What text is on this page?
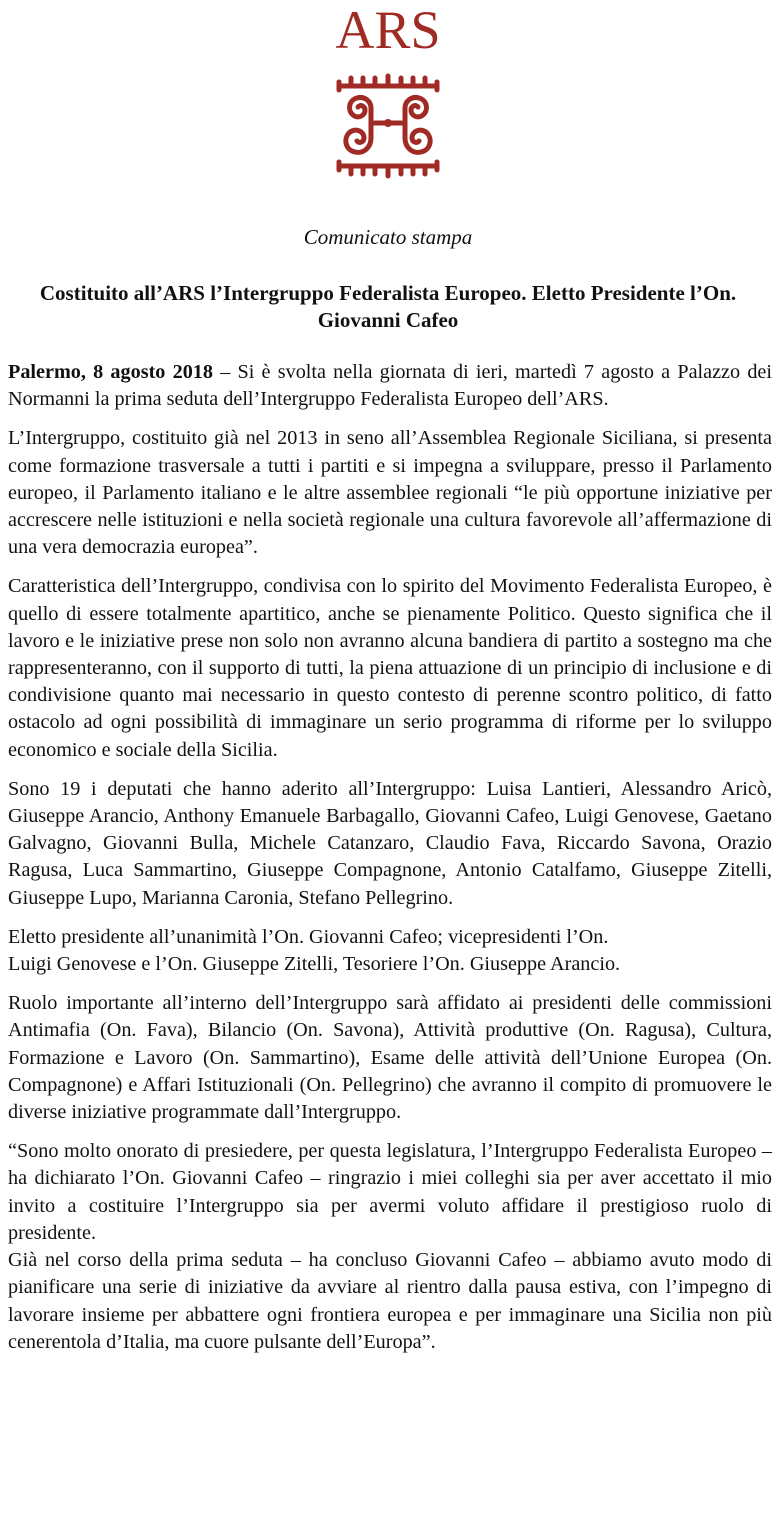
ARS
Comunicato stampa
Costituito all’ARS l’Intergruppo Federalista Europeo. Eletto Presidente l’On. Giovanni Cafeo

Palermo, 8 agosto 2018 – Si è svolta nella giornata di ieri, martedì 7 agosto a Palazzo dei Normanni la prima seduta dell’Intergruppo Federalista Europeo dell’ARS.

L’Intergruppo, costituito già nel 2013 in seno all’Assemblea Regionale Siciliana, si presenta come formazione trasversale a tutti i partiti e si impegna a sviluppare, presso il Parlamento europeo, il Parlamento italiano e le altre assemblee regionali “le più opportune iniziative per accrescere nelle istituzioni e nella società regionale una cultura favorevole all’affermazione di una vera democrazia europea”.

Caratteristica dell’Intergruppo, condivisa con lo spirito del Movimento Federalista Europeo, è quello di essere totalmente apartitico, anche se pienamente Politico. Questo significa che il lavoro e le iniziative prese non solo non avranno alcuna bandiera di partito a sostegno ma che rappresenteranno, con il supporto di tutti, la piena attuazione di un principio di inclusione e di condivisione quanto mai necessario in questo contesto di perenne scontro politico, di fatto ostacolo ad ogni possibilità di immaginare un serio programma di riforme per lo sviluppo economico e sociale della Sicilia.

Sono 19 i deputati che hanno aderito all’Intergruppo: Luisa Lantieri, Alessandro Aricò, Giuseppe Arancio, Anthony Emanuele Barbagallo, Giovanni Cafeo, Luigi Genovese, Gaetano Galvagno, Giovanni Bulla, Michele Catanzaro, Claudio Fava, Riccardo Savona, Orazio Ragusa, Luca Sammartino, Giuseppe Compagnone, Antonio Catalfamo, Giuseppe Zitelli, Giuseppe Lupo, Marianna Caronia, Stefano Pellegrino.

Eletto presidente all’unanimità l’On. Giovanni Cafeo; vicepresidenti l’On.
Luigi Genovese e l’On. Giuseppe Zitelli, Tesoriere l’On. Giuseppe Arancio.

Ruolo importante all’interno dell’Intergruppo sarà affidato ai presidenti delle commissioni Antimafia (On. Fava), Bilancio (On. Savona), Attività produttive (On. Ragusa), Cultura, Formazione e Lavoro (On. Sammartino), Esame delle attività dell’Unione Europea (On. Compagnone) e Affari Istituzionali (On. Pellegrino) che avranno il compito di promuovere le diverse iniziative programmate dall’Intergruppo.

“Sono molto onorato di presiedere, per questa legislatura, l’Intergruppo Federalista Europeo – ha dichiarato l’On. Giovanni Cafeo – ringrazio i miei colleghi sia per aver accettato il mio invito a costituire l’Intergruppo sia per avermi voluto affidare il prestigioso ruolo di presidente.

Già nel corso della prima seduta – ha concluso Giovanni Cafeo – abbiamo avuto modo di pianificare una serie di iniziative da avviare al rientro dalla pausa estiva, con l’impegno di lavorare insieme per abbattere ogni frontiera europea e per immaginare una Sicilia non più cenerentola d’Italia, ma cuore pulsante dell’Europa”.
